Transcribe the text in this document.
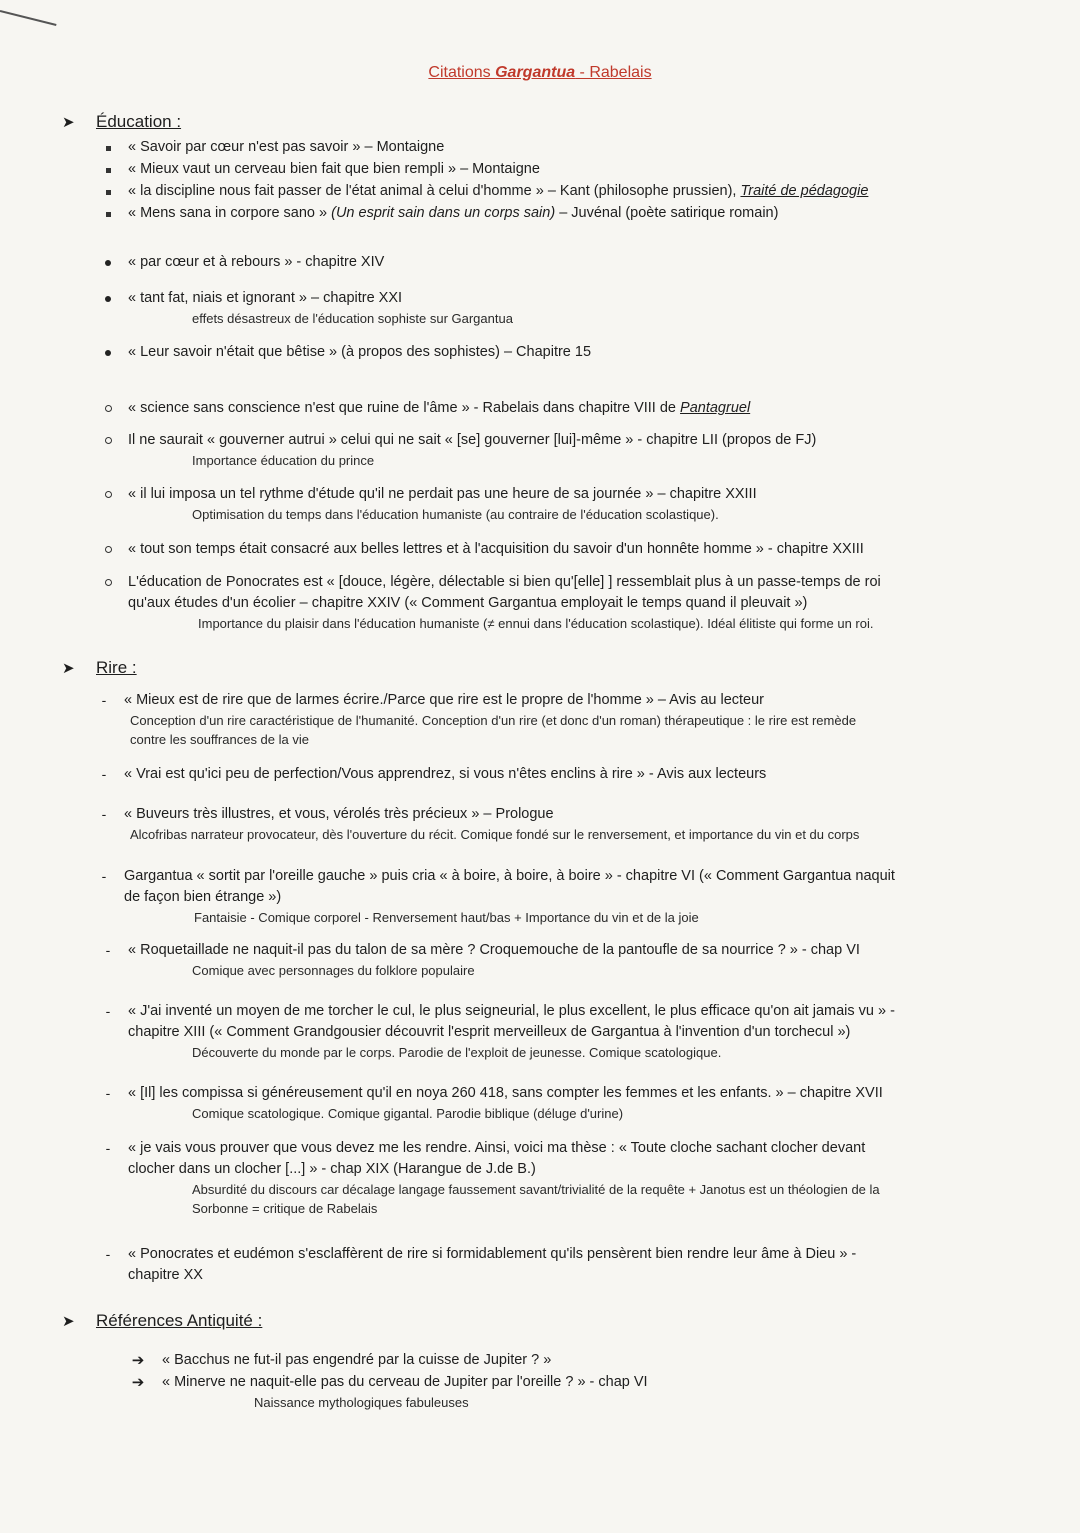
Citations Gargantua - Rabelais
➤	Éducation :
« Savoir par cœur n'est pas savoir » – Montaigne
« Mieux vaut un cerveau bien fait que bien rempli » – Montaigne
« la discipline nous fait passer de l'état animal à celui d'homme » – Kant (philosophe prussien), Traité de pédagogie
« Mens sana in corpore sano » (Un esprit sain dans un corps sain) – Juvénal (poète satirique romain)
« par cœur et à rebours » - chapitre XIV
« tant fat, niais et ignorant » – chapitre XXI
effets désastreux de l'éducation sophiste sur Gargantua
« Leur savoir n'était que bêtise » (à propos des sophistes) – Chapitre 15
« science sans conscience n'est que ruine de l'âme » - Rabelais dans chapitre VIII de Pantagruel
Il ne saurait « gouverner autrui » celui qui ne sait « [se] gouverner [lui]-même » - chapitre LII (propos de FJ)
Importance éducation du prince
« il lui imposa un tel rythme d'étude qu'il ne perdait pas une heure de sa journée » – chapitre XXIII
Optimisation du temps dans l'éducation humaniste (au contraire de l'éducation scolastique).
« tout son temps était consacré aux belles lettres et à l'acquisition du savoir d'un honnête homme » - chapitre XXIII
L'éducation de Ponocrates est « [douce, légère, délectable si bien qu'[elle] ] ressemblait plus à un passe-temps de roi
qu'aux études d'un écolier – chapitre XXIV (« Comment Gargantua employait le temps quand il pleuvait »)
Importance du plaisir dans l'éducation humaniste (≠ ennui dans l'éducation scolastique). Idéal élitiste qui forme un roi.
➤	Rire :
-
« Mieux est de rire que de larmes écrire./Parce que rire est le propre de l'homme » – Avis au lecteur
Conception d'un rire caractéristique de l'humanité. Conception d'un rire (et donc d'un roman) thérapeutique : le rire est remède
contre les souffrances de la vie
-
« Vrai est qu'ici peu de perfection/Vous apprendrez, si vous n'êtes enclins à rire » - Avis aux lecteurs
-
« Buveurs très illustres, et vous, vérolés très précieux » – Prologue
Alcofribas narrateur provocateur, dès l'ouverture du récit. Comique fondé sur le renversement, et importance du vin et du corps
-
Gargantua « sortit par l'oreille gauche » puis cria « à boire, à boire, à boire » - chapitre VI (« Comment Gargantua naquit
de façon bien étrange »)
Fantaisie - Comique corporel - Renversement haut/bas + Importance du vin et de la joie
-
« Roquetaillade ne naquit-il pas du talon de sa mère ? Croquemouche de la pantoufle de sa nourrice ? » - chap VI
Comique avec personnages du folklore populaire
-
« J'ai inventé un moyen de me torcher le cul, le plus seigneurial, le plus excellent, le plus efficace qu'on ait jamais vu » -
chapitre XIII (« Comment Grandgousier découvrit l'esprit merveilleux de Gargantua à l'invention d'un torchecul »)
Découverte du monde par le corps. Parodie de l'exploit de jeunesse. Comique scatologique.
-
« [Il] les compissa si généreusement qu'il en noya 260 418, sans compter les femmes et les enfants. » – chapitre XVII
Comique scatologique. Comique gigantal. Parodie biblique (déluge d'urine)
-
« je vais vous prouver que vous devez me les rendre. Ainsi, voici ma thèse : « Toute cloche sachant clocher devant
clocher dans un clocher [...] » - chap XIX (Harangue de J.de B.)
Absurdité du discours car décalage langage faussement savant/trivialité de la requête + Janotus est un théologien de la
Sorbonne = critique de Rabelais
-
« Ponocrates et eudémon s'esclaffèrent de rire si formidablement qu'ils pensèrent bien rendre leur âme à Dieu » -
chapitre XX
➤	Références Antiquité :
➔ « Bacchus ne fut-il pas engendré par la cuisse de Jupiter ? »
➔ « Minerve ne naquit-elle pas du cerveau de Jupiter par l'oreille ? » - chap VI
Naissance mythologiques fabuleuses
